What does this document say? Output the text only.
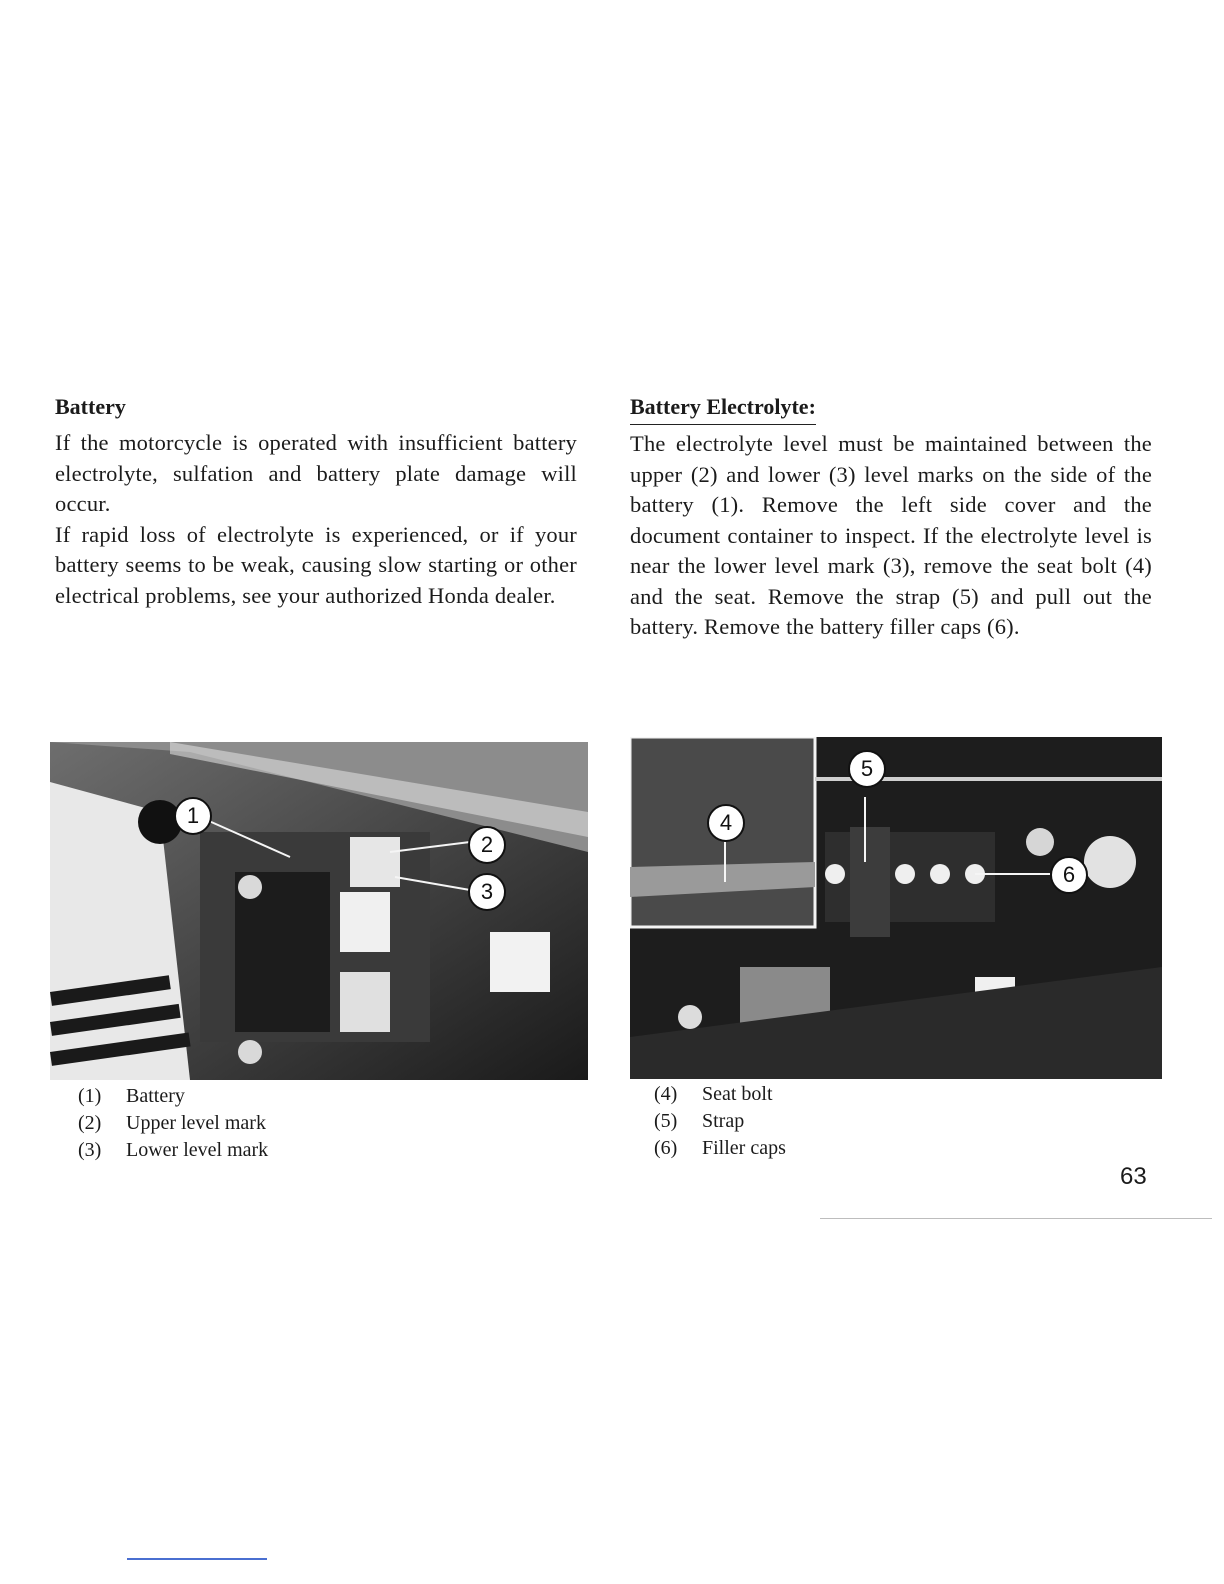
Battery

If the motorcycle is operated with insufficient battery electrolyte, sulfation and battery plate damage will occur.

If rapid loss of electrolyte is experienced, or if your battery seems to be weak, causing slow starting or other electrical problems, see your authorized Honda dealer.

Battery Electrolyte:

The electrolyte level must be maintained between the upper (2) and lower (3) level marks on the side of the battery (1). Remove the left side cover and the document container to inspect. If the electrolyte level is near the lower level mark (3), remove the seat bolt (4) and the seat. Remove the strap (5) and pull out the battery. Remove the battery filler caps (6).

1
2
3
4
5
6
(1)	Battery
(2)	Upper level mark
(3)	Lower level mark
(4)	Seat bolt
(5)	Strap
(6)	Filler caps
63
